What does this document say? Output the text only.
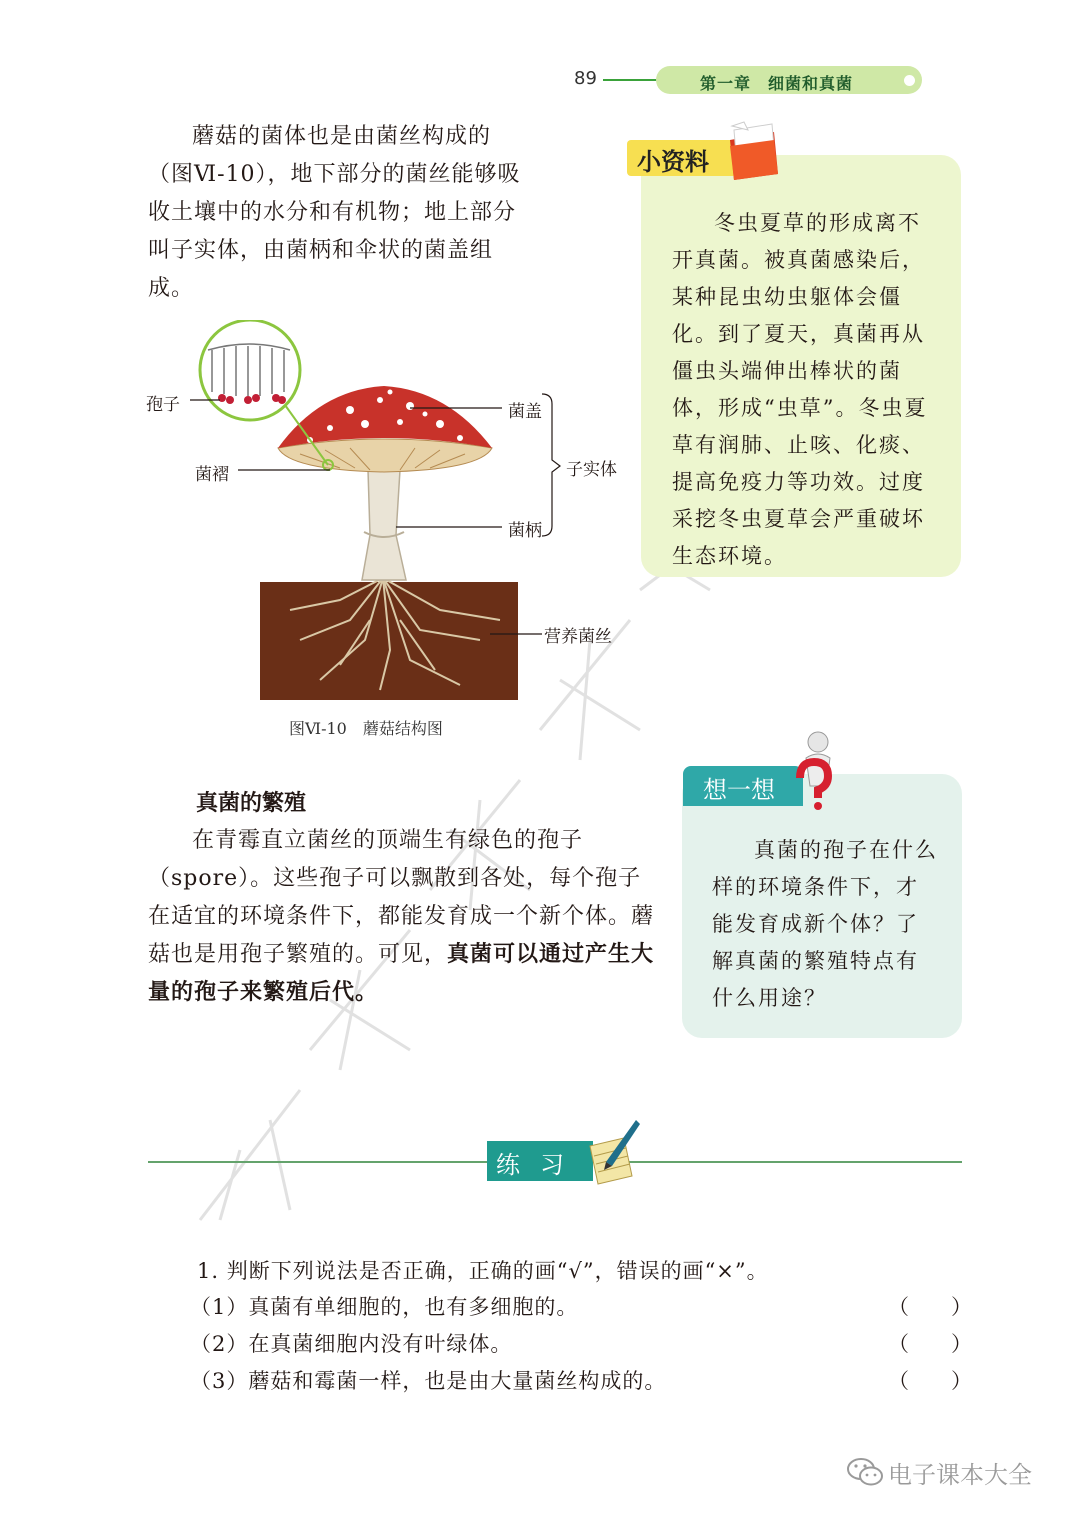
89	第一章　细菌和真菌
蘑菇的菌体也是由菌丝构成的（图Ⅵ-10），地下部分的菌丝能够吸收土壤中的水分和有机物；地上部分叫子实体，由菌柄和伞状的菌盖组成。
小资料
冬虫夏草的形成离不开真菌。被真菌感染后，某种昆虫幼虫躯体会僵化。到了夏天，真菌再从僵虫头端伸出棒状的菌体，形成“虫草”。冬虫夏草有润肺、止咳、化痰、提高免疫力等功效。过度采挖冬虫夏草会严重破坏生态环境。
孢子	菌盖
菌褶	子实体
菌柄
营养菌丝
图Ⅵ-10　蘑菇结构图
真菌的繁殖
在青霉直立菌丝的顶端生有绿色的孢子（spore）。这些孢子可以飘散到各处，每个孢子在适宜的环境条件下，都能发育成一个新个体。蘑菇也是用孢子繁殖的。可见，真菌可以通过产生大量的孢子来繁殖后代。
想一想
真菌的孢子在什么样的环境条件下，才能发育成新个体？了解真菌的繁殖特点有什么用途？
练习
1. 判断下列说法是否正确，正确的画“√”，错误的画“×”。
（1）真菌有单细胞的，也有多细胞的。	（　　）
（2）在真菌细胞内没有叶绿体。	（　　）
（3）蘑菇和霉菌一样，也是由大量菌丝构成的。	（　　）
电子课本大全
